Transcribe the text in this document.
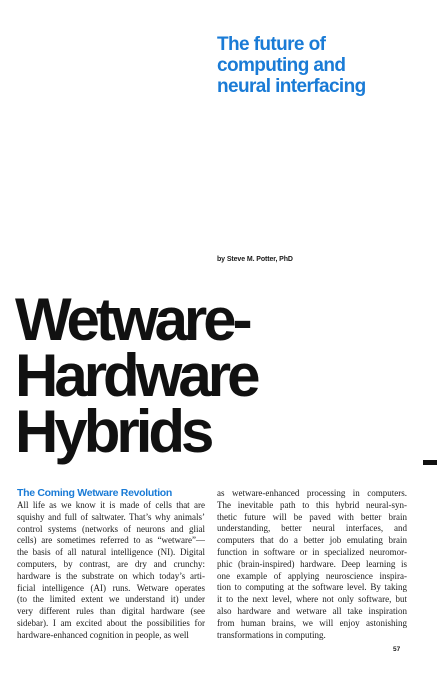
The future of
computing and
neural interfacing
by Steve M. Potter, PhD
Wetware-
Hardware
Hybrids
The Coming Wetware Revolution
All life as we know it is made of cells that are
squishy and full of saltwater. That’s why animals’
control systems (networks of neurons and glial
cells) are sometimes referred to as “wetware”—
the basis of all natural intelligence (NI). Digital
computers, by contrast, are dry and crunchy:
hardware is the substrate on which today’s arti-
ficial intelligence (AI) runs. Wetware operates
(to the limited extent we understand it) under
very different rules than digital hardware (see
sidebar). I am excited about the possibilities for
hardware-enhanced cognition in people, as well
as wetware-enhanced processing in computers.
The inevitable path to this hybrid neural-syn-
thetic future will be paved with better brain
understanding, better neural interfaces, and
computers that do a better job emulating brain
function in software or in specialized neuromor-
phic (brain-inspired) hardware. Deep learning is
one example of applying neuroscience inspira-
tion to computing at the software level. By taking
it to the next level, where not only software, but
also hardware and wetware all take inspiration
from human brains, we will enjoy astonishing
transformations in computing.
57
